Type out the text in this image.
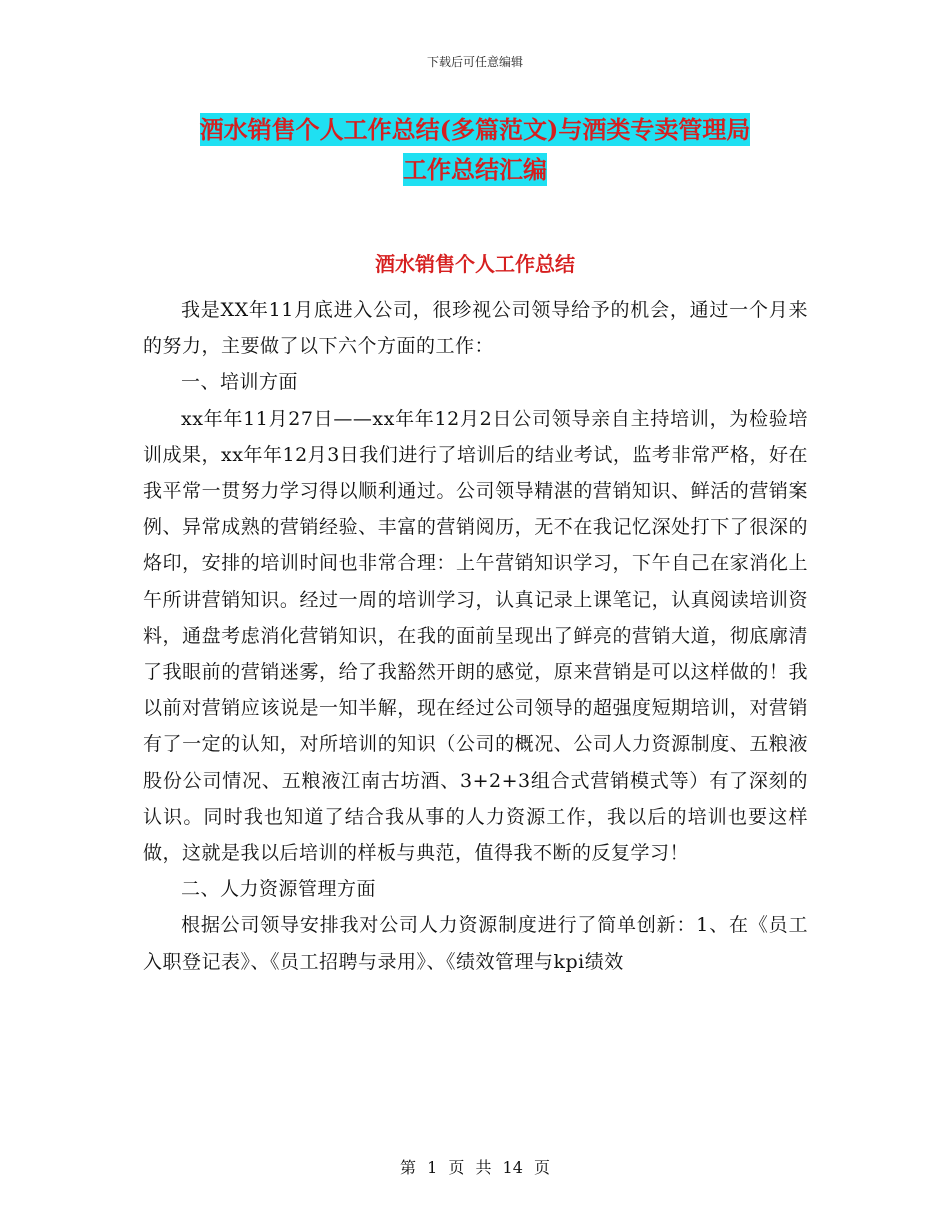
下载后可任意编辑
酒水销售个人工作总结(多篇范文)与酒类专卖管理局
工作总结汇编
酒水销售个人工作总结

我是XX年11月底进入公司，很珍视公司领导给予的机会，通过一个月来的努力，主要做了以下六个方面的工作：

一、培训方面

xx年年11月27日——xx年年12月2日公司领导亲自主持培训，为检验培训成果，xx年年12月3日我们进行了培训后的结业考试，监考非常严格，好在我平常一贯努力学习得以顺利通过。公司领导精湛的营销知识、鲜活的营销案例、异常成熟的营销经验、丰富的营销阅历，无不在我记忆深处打下了很深的烙印，安排的培训时间也非常合理：上午营销知识学习，下午自己在家消化上午所讲营销知识。经过一周的培训学习，认真记录上课笔记，认真阅读培训资料，通盘考虑消化营销知识，在我的面前呈现出了鲜亮的营销大道，彻底廓清了我眼前的营销迷雾，给了我豁然开朗的感觉，原来营销是可以这样做的！我以前对营销应该说是一知半解，现在经过公司领导的超强度短期培训，对营销有了一定的认知，对所培训的知识（公司的概况、公司人力资源制度、五粮液股份公司情况、五粮液江南古坊酒、3+2+3组合式营销模式等）有了深刻的认识。同时我也知道了结合我从事的人力资源工作，我以后的培训也要这样做，这就是我以后培训的样板与典范，值得我不断的反复学习！

二、人力资源管理方面

根据公司领导安排我对公司人力资源制度进行了简单创新：1、在《员工入职登记表》、《员工招聘与录用》、《绩效管理与kpi绩效

第 1 页 共 14 页
